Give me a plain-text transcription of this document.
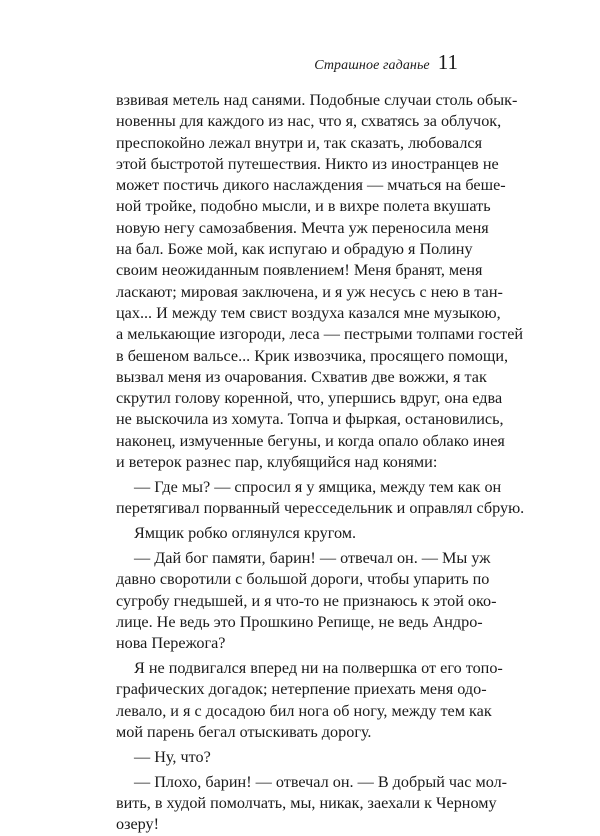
Страшное гаданье 11
взвивая метель над санями. Подобные случаи столь обык-
новенны для каждого из нас, что я, схватясь за облучок,
преспокойно лежал внутри и, так сказать, любовался
этой быстротой путешествия. Никто из иностранцев не
может постичь дикого наслаждения — мчаться на беше-
ной тройке, подобно мысли, и в вихре полета вкушать
новую негу самозабвения. Мечта уж переносила меня
на бал. Боже мой, как испугаю и обрадую я Полину
своим неожиданным появлением! Меня бранят, меня
ласкают; мировая заключена, и я уж несусь с нею в тан-
цах... И между тем свист воздуха казался мне музыкою,
а мелькающие изгороди, леса — пестрыми толпами гостей
в бешеном вальсе... Крик извозчика, просящего помощи,
вызвал меня из очарования. Схватив две вожжи, я так
скрутил голову коренной, что, упершись вдруг, она едва
не выскочила из хомута. Топча и фыркая, остановились,
наконец, измученные бегуны, и когда опало облако инея
и ветерок разнес пар, клубящийся над конями:
— Где мы? — спросил я у ямщика, между тем как он
перетягивал порванный чересседельник и оправлял сбрую.
Ямщик робко оглянулся кругом.
— Дай бог памяти, барин! — отвечал он. — Мы уж
давно своротили с большой дороги, чтобы упарить по
сугробу гнедышей, и я что-то не признаюсь к этой око-
лице. Не ведь это Прошкино Репище, не ведь Андро-
нова Пережога?
Я не подвигался вперед ни на полвершка от его топо-
графических догадок; нетерпение приехать меня одо-
левало, и я с досадою бил нога об ногу, между тем как
мой парень бегал отыскивать дорогу.
— Ну, что?
— Плохо, барин! — отвечал он. — В добрый час мол-
вить, в худой помолчать, мы, никак, заехали к Черному
озеру!
